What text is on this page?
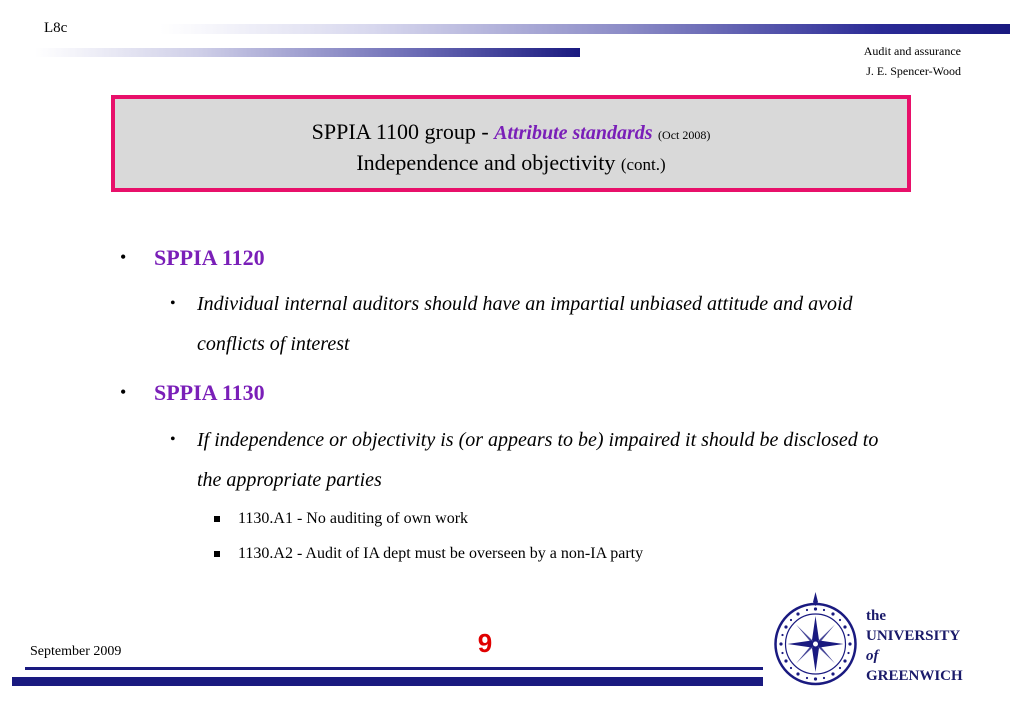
L8c
Audit and assurance
J. E. Spencer-Wood
SPPIA 1100 group - Attribute standards (Oct 2008)
Independence and objectivity (cont.)
• SPPIA 1120
• Individual internal auditors should have an impartial unbiased attitude and avoid conflicts of interest
• SPPIA 1130
• If independence or objectivity is (or appears to be) impaired it should be disclosed to the appropriate parties
1130.A1 - No auditing of own work
1130.A2 - Audit of IA dept must be overseen by a non-IA party
September 2009	9
the
UNIVERSITY
of
GREENWICH
